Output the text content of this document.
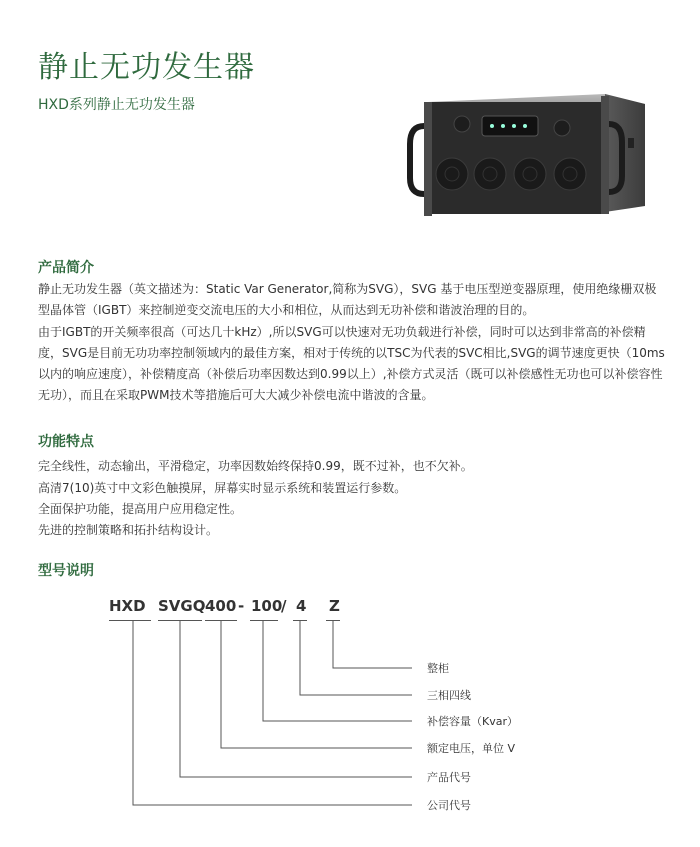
静止无功发生器
HXD系列静止无功发生器
产品简介

静止无功发生器（英文描述为：Static Var Generator,简称为SVG），SVG 基于电压型逆变器原理，使用绝缘栅双极型晶体管（IGBT）来控制逆变交流电压的大小和相位，从而达到无功补偿和谐波治理的目的。

由于IGBT的开关频率很高（可达几十kHz）,所以SVG可以快速对无功负载进行补偿，同时可以达到非常高的补偿精度，SVG是目前无功功率控制领域内的最佳方案，相对于传统的以TSC为代表的SVC相比,SVG的调节速度更快（10ms以内的响应速度），补偿精度高（补偿后功率因数达到0.99以上）,补偿方式灵活（既可以补偿感性无功也可以补偿容性无功），而且在采取PWM技术等措施后可大大减少补偿电流中谐波的含量。

功能特点
完全线性，动态输出，平滑稳定，功率因数始终保持0.99，既不过补，也不欠补。
高清7(10)英寸中文彩色触摸屏，屏幕实时显示系统和装置运行参数。
全面保护功能，提高用户应用稳定性。
先进的控制策略和拓扑结构设计。
型号说明
HXD SVGQ 400 - 100
/ 4 Z
整柜
三相四线
补偿容量（Kvar）
额定电压，单位 V
产品代号
公司代号
